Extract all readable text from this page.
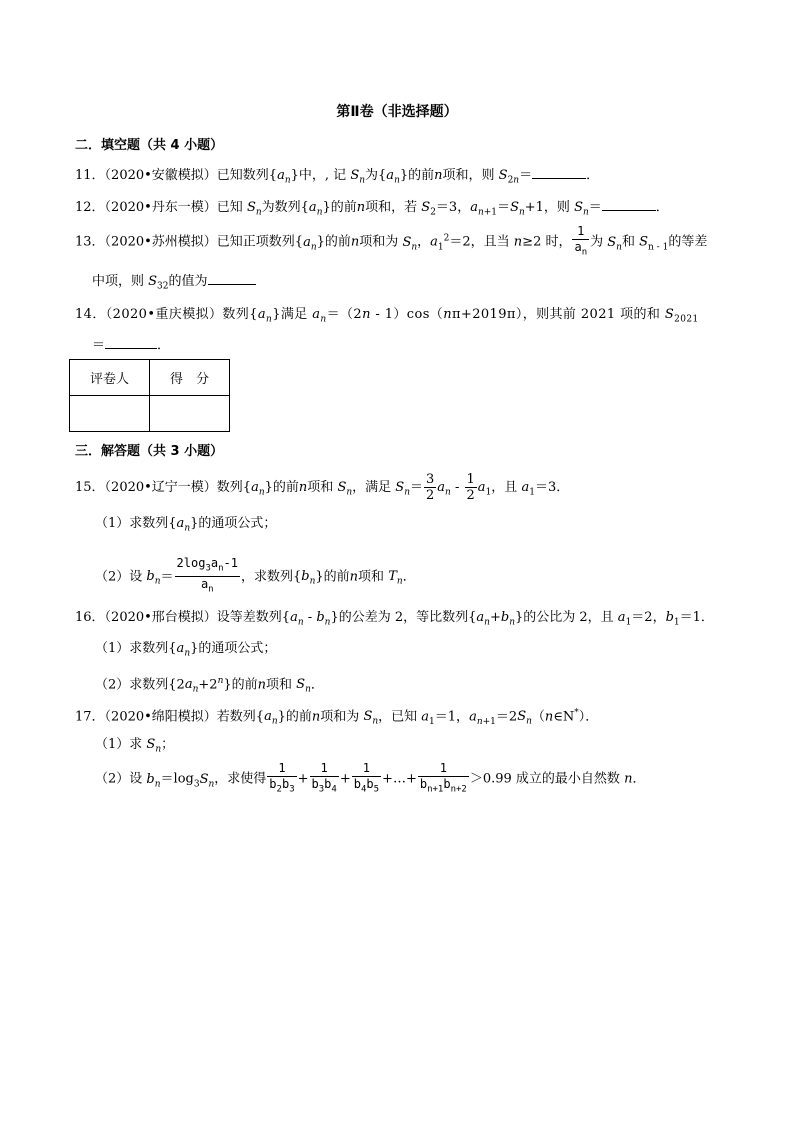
第Ⅱ卷（非选择题）
二．填空题（共 4 小题）
11．（2020•安徽模拟）已知数列$\{a_n\}$中，, 记 $S_n$为$\{a_n\}$的前n项和，则 $S_{2n}=$	．
12．（2020•丹东一模）已知 $S_n$为数列$\{a_n\}$的前n项和，若 $S_2=3$，$a_{n+1}=S_n+1$，则 $S_n=$	．
13．（2020•苏州模拟）已知正项数列$\{a_n\}$的前n项和为 $S_n$，$a_1^2=2$，且当 n≥2 时， $\frac{1}{a_n}$ 为 $S_n$和 $S_{n - 1}$的等差
中项，则 $S_{32}$的值为
14．（2020•重庆模拟）数列$\{a_n\}$满足 $a_n=(2n - 1)\cos(n\pi+2019\pi)$，则其前 2021 项的和 $S_{2021}$
＝	．
评卷人	得　分

三．解答题（共 3 小题）
15．（2020•辽宁一模）数列$\{a_n\}$的前n项和 $S_n$，满足 $S_n= \frac{3}{2} a_n - \frac{1}{2} a_1$，且 $a_1=3$．
（1）求数列$\{a_n\}$的通项公式；
（2）设 $b_n= \frac{2\log_3a_n-1}{a_n}$ ，求数列$\{b_n\}$的前n项和 $T_n$．
16．（2020•邢台模拟）设等差数列$\{a_n - b_n\}$的公差为 2，等比数列$\{a_n+b_n\}$的公比为 2，且 $a_1=2$，$b_1=1$．
（1）求数列$\{a_n\}$的通项公式；
（2）求数列$\{2a_n+2^n\}$的前n项和 $S_n$．
17．（2020•绵阳模拟）若数列$\{a_n\}$的前n项和为 $S_n$，已知 $a_1=1$，$a_{n+1}=2S_n(n\in N^*)$．
（1）求 $S_n$；
（2）设 $b_n=\log_3S_n$，求使得 $\frac{1}{b_2b_3} + \frac{1}{b_3b_4} + \frac{1}{b_4b_5}$ +…+ $\frac{1}{b_{n+1}b_{n+2}} >0.99$ 成立的最小自然数 n．
